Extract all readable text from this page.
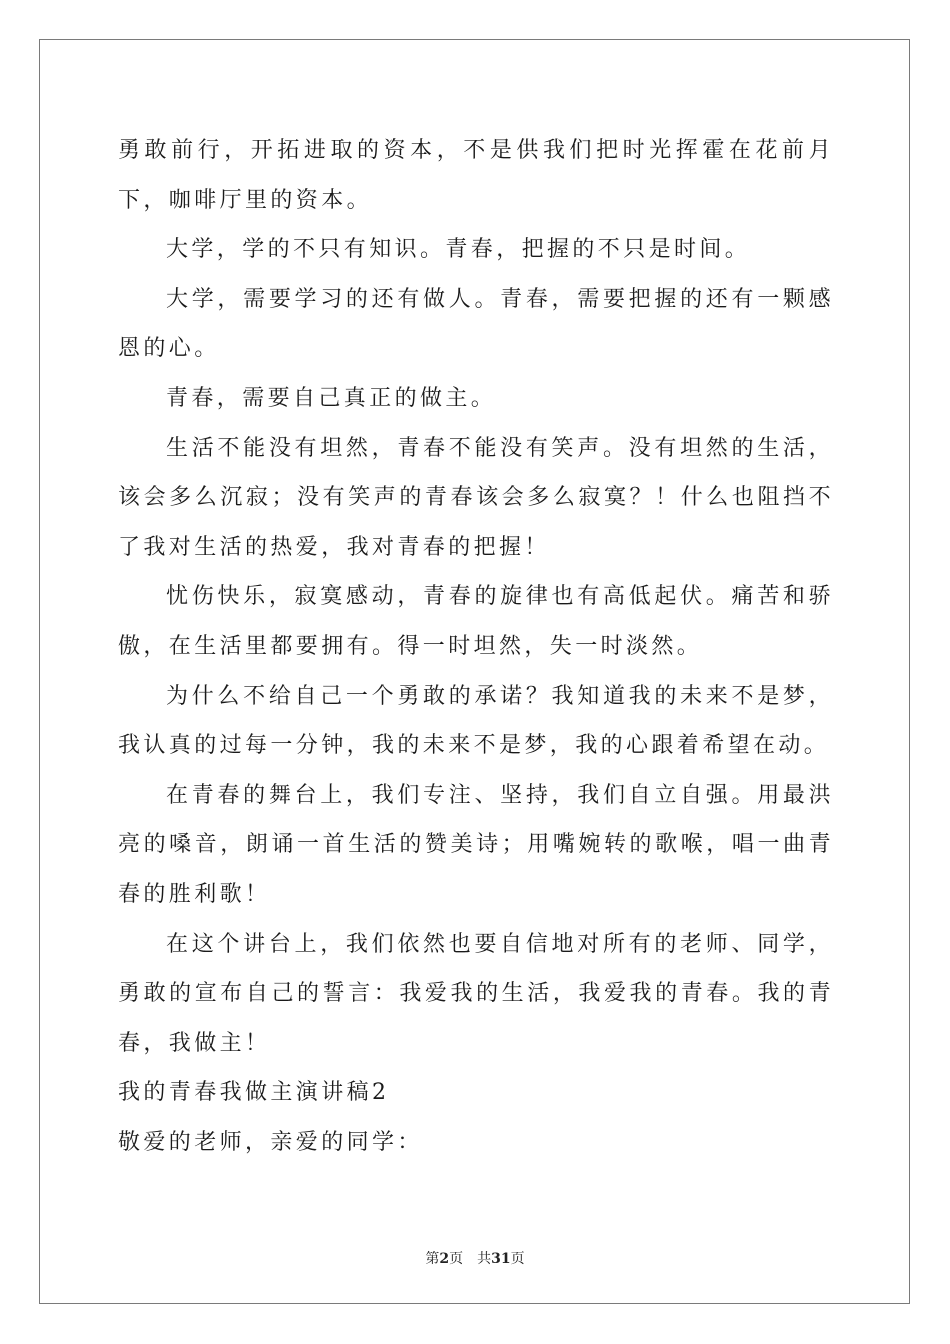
勇敢前行，开拓进取的资本，不是供我们把时光挥霍在花前月下，咖啡厅里的资本。

大学，学的不只有知识。青春，把握的不只是时间。

大学，需要学习的还有做人。青春，需要把握的还有一颗感恩的心。

青春，需要自己真正的做主。

生活不能没有坦然，青春不能没有笑声。没有坦然的生活，该会多么沉寂；没有笑声的青春该会多么寂寞？！什么也阻挡不了我对生活的热爱，我对青春的把握！

忧伤快乐，寂寞感动，青春的旋律也有高低起伏。痛苦和骄傲，在生活里都要拥有。得一时坦然，失一时淡然。

为什么不给自己一个勇敢的承诺？我知道我的未来不是梦，我认真的过每一分钟，我的未来不是梦，我的心跟着希望在动。

在青春的舞台上，我们专注、坚持，我们自立自强。用最洪亮的嗓音，朗诵一首生活的赞美诗；用嘴婉转的歌喉，唱一曲青春的胜利歌！

在这个讲台上，我们依然也要自信地对所有的老师、同学，勇敢的宣布自己的誓言：我爱我的生活，我爱我的青春。我的青春，我做主！

我的青春我做主演讲稿2

敬爱的老师，亲爱的同学：

第2页 共31页
